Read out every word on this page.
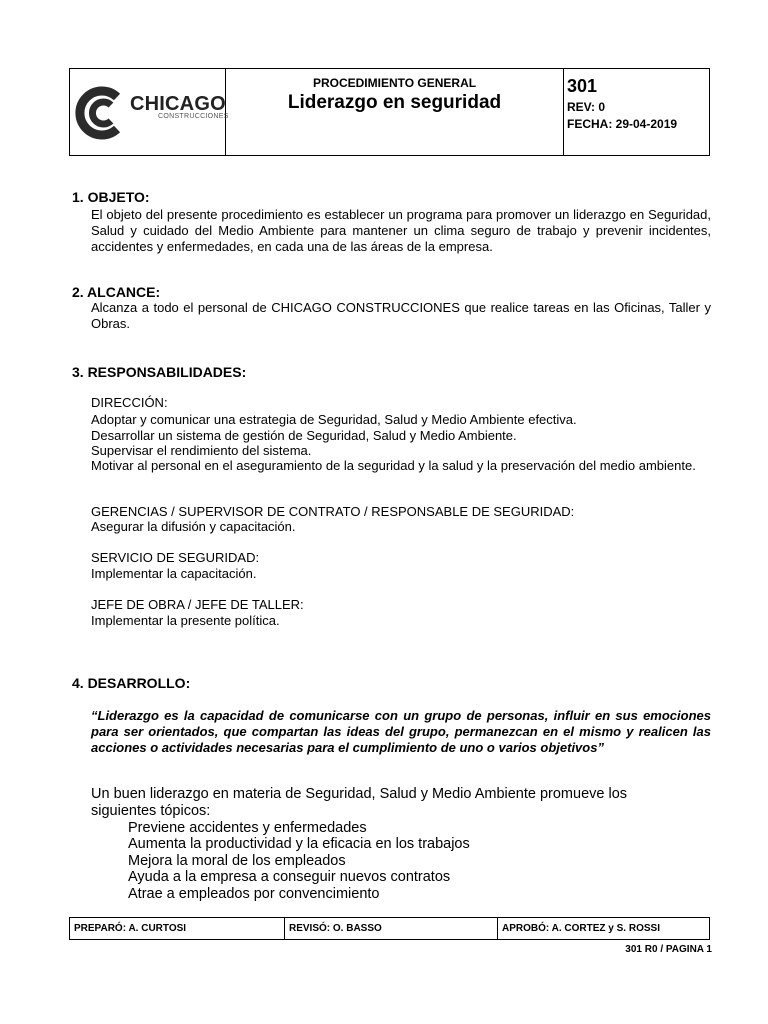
CHICAGO
CONSTRUCCIONES
PROCEDIMIENTO GENERAL
Liderazgo en seguridad
301
REV: 0
FECHA: 29-04-2019
1. OBJETO:
El objeto del presente procedimiento es establecer un programa para promover un liderazgo en Seguridad, Salud y cuidado del Medio Ambiente para mantener un clima seguro de trabajo y prevenir incidentes, accidentes y enfermedades, en cada una de las áreas de la empresa.
2. ALCANCE:
Alcanza a todo el personal de CHICAGO CONSTRUCCIONES que realice tareas en las Oficinas, Taller y Obras.
3. RESPONSABILIDADES:
DIRECCIÓN:
Adoptar y comunicar una estrategia de Seguridad, Salud y Medio Ambiente efectiva.
Desarrollar un sistema de gestión de Seguridad, Salud y Medio Ambiente.
Supervisar el rendimiento del sistema.
Motivar al personal en el aseguramiento de la seguridad y la salud y la preservación del medio ambiente.
GERENCIAS / SUPERVISOR DE CONTRATO / RESPONSABLE DE SEGURIDAD:
Asegurar la difusión y capacitación.
SERVICIO DE SEGURIDAD:
Implementar la capacitación.
JEFE DE OBRA / JEFE DE TALLER:
Implementar la presente política.
4. DESARROLLO:
“Liderazgo es la capacidad de comunicarse con un grupo de personas, influir en sus emociones para ser orientados, que compartan las ideas del grupo, permanezcan en el mismo y realicen las acciones o actividades necesarias para el cumplimiento de uno o varios objetivos”
Un buen liderazgo en materia de Seguridad, Salud y Medio Ambiente promueve los siguientes tópicos:
Previene accidentes y enfermedades
Aumenta la productividad y la eficacia en los trabajos
Mejora la moral de los empleados
Ayuda a la empresa a conseguir nuevos contratos
Atrae a empleados por convencimiento
PREPARÓ: A. CURTOSI	REVISÓ: O. BASSO	APROBÓ: A. CORTEZ y S. ROSSI
301 R0 / PAGINA 1
